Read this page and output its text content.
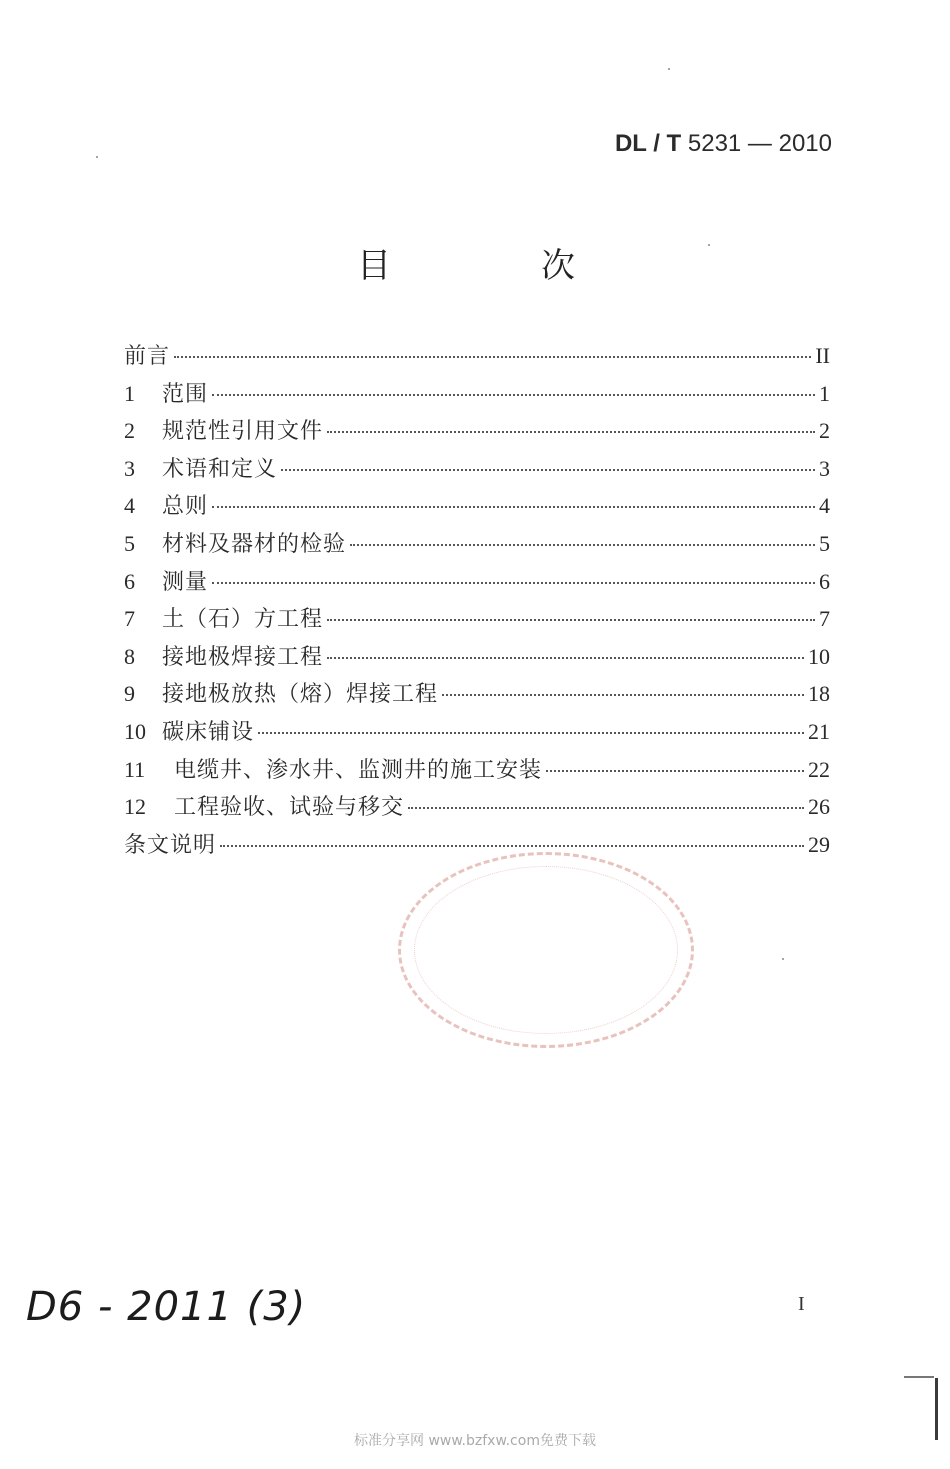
DL / T 5231 — 2010
目　次
前言	II
1	范围	1
2	规范性引用文件	2
3	术语和定义	3
4	总则	4
5	材料及器材的检验	5
6	测量	6
7	土（石）方工程	7
8	接地极焊接工程	10
9	接地极放热（熔）焊接工程	18
10 碳床铺设	21
11	电缆井、渗水井、监测井的施工安装	22
12	工程验收、试验与移交	26
条文说明	29
D6 - 2011 (3)	I
标准分享网 www.bzfxw.com免费下载
